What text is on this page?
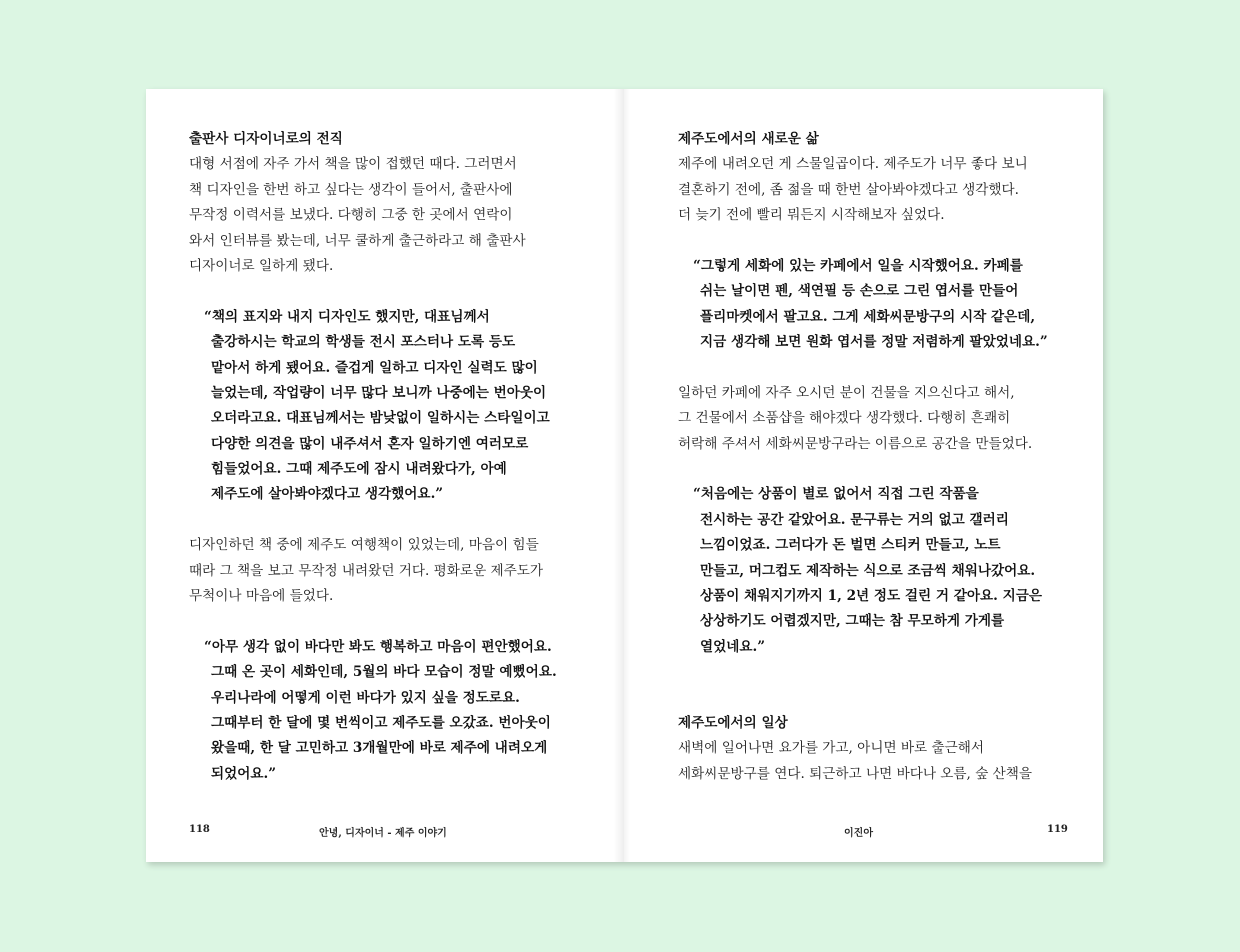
출판사 디자이너로의 전직
대형 서점에 자주 가서 책을 많이 접했던 때다. 그러면서
책 디자인을 한번 하고 싶다는 생각이 들어서, 출판사에
무작정 이력서를 보냈다. 다행히 그중 한 곳에서 연락이
와서 인터뷰를 봤는데, 너무 쿨하게 출근하라고 해 출판사
디자이너로 일하게 됐다.
“책의 표지와 내지 디자인도 했지만, 대표님께서
출강하시는 학교의 학생들 전시 포스터나 도록 등도
맡아서 하게 됐어요. 즐겁게 일하고 디자인 실력도 많이
늘었는데, 작업량이 너무 많다 보니까 나중에는 번아웃이
오더라고요. 대표님께서는 밤낮없이 일하시는 스타일이고
다양한 의견을 많이 내주셔서 혼자 일하기엔 여러모로
힘들었어요. 그때 제주도에 잠시 내려왔다가, 아예
제주도에 살아봐야겠다고 생각했어요.”
디자인하던 책 중에 제주도 여행책이 있었는데, 마음이 힘들
때라 그 책을 보고 무작정 내려왔던 거다. 평화로운 제주도가
무척이나 마음에 들었다.
“아무 생각 없이 바다만 봐도 행복하고 마음이 편안했어요.
그때 온 곳이 세화인데, 5월의 바다 모습이 정말 예뻤어요.
우리나라에 어떻게 이런 바다가 있지 싶을 정도로요.
그때부터 한 달에 몇 번씩이고 제주도를 오갔죠. 번아웃이
왔을때, 한 달 고민하고 3개월만에 바로 제주에 내려오게
되었어요.”
118	안녕, 디자이너 - 제주 이야기
제주도에서의 새로운 삶
제주에 내려오던 게 스물일곱이다. 제주도가 너무 좋다 보니
결혼하기 전에, 좀 젊을 때 한번 살아봐야겠다고 생각했다.
더 늦기 전에 빨리 뭐든지 시작해보자 싶었다.
“그렇게 세화에 있는 카페에서 일을 시작했어요. 카페를
쉬는 날이면 펜, 색연필 등 손으로 그린 엽서를 만들어
플리마켓에서 팔고요. 그게 세화씨문방구의 시작 같은데,
지금 생각해 보면 원화 엽서를 정말 저렴하게 팔았었네요.”
일하던 카페에 자주 오시던 분이 건물을 지으신다고 해서,
그 건물에서 소품샵을 해야겠다 생각했다. 다행히 흔쾌히
허락해 주셔서 세화씨문방구라는 이름으로 공간을 만들었다.
“처음에는 상품이 별로 없어서 직접 그린 작품을
전시하는 공간 같았어요. 문구류는 거의 없고 갤러리
느낌이었죠. 그러다가 돈 벌면 스티커 만들고, 노트
만들고, 머그컵도 제작하는 식으로 조금씩 채워나갔어요.
상품이 채워지기까지 1, 2년 정도 걸린 거 같아요. 지금은
상상하기도 어렵겠지만, 그때는 참 무모하게 가게를
열었네요.”
제주도에서의 일상
새벽에 일어나면 요가를 가고, 아니면 바로 출근해서
세화씨문방구를 연다. 퇴근하고 나면 바다나 오름, 숲 산책을
이진아	119
